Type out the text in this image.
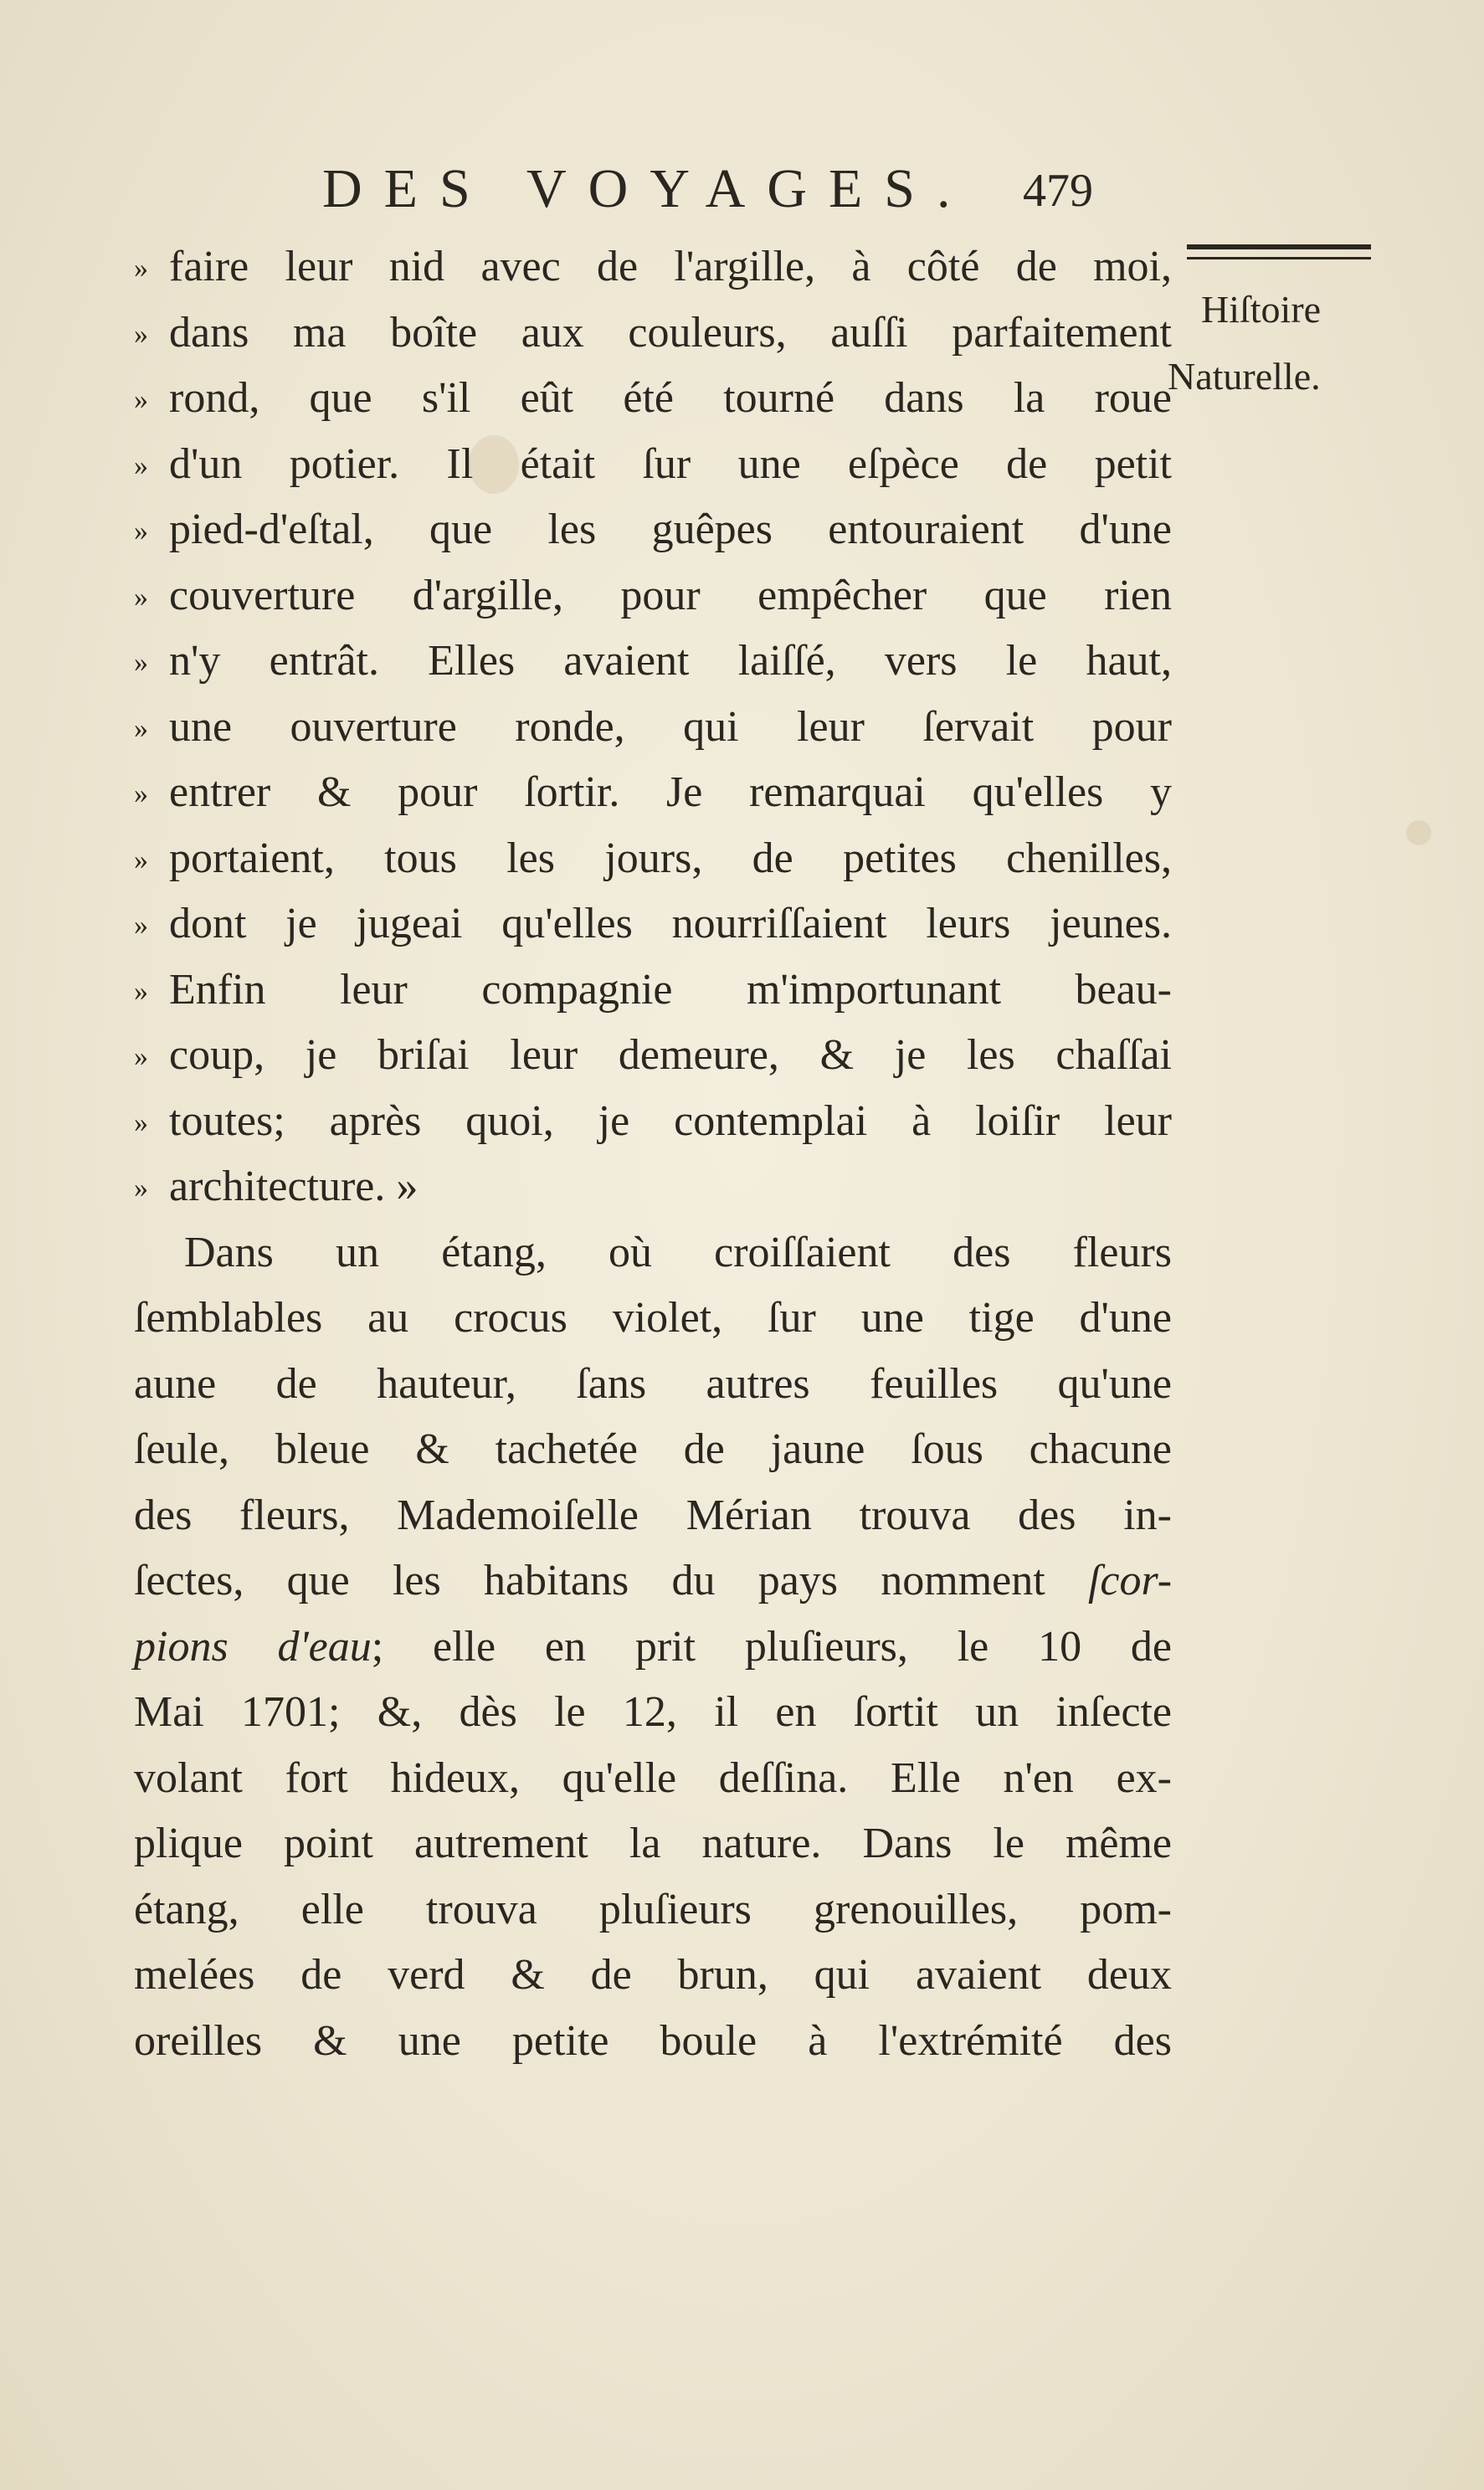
DES VOYAGES. 479
Hiſtoire
Naturelle.
» faire leur nid avec de l'argille, à côté de moi,
» dans ma boîte aux couleurs, auſſi parfaitement
» rond, que s'il eût été tourné dans la roue
» d'un potier. Il était ſur une eſpèce de petit
» pied-d'eſtal, que les guêpes entouraient d'une
» couverture d'argille, pour empêcher que rien
» n'y entrât. Elles avaient laiſſé, vers le haut,
» une ouverture ronde, qui leur ſervait pour
» entrer & pour ſortir. Je remarquai qu'elles y
» portaient, tous les jours, de petites chenilles,
» dont je jugeai qu'elles nourriſſaient leurs jeunes.
» Enfin leur compagnie m'importunant beau-
» coup, je briſai leur demeure, & je les chaſſai
» toutes; après quoi, je contemplai à loiſir leur
» architecture. »
Dans un étang, où croiſſaient des fleurs
ſemblables au crocus violet, ſur une tige d'une
aune de hauteur, ſans autres feuilles qu'une
ſeule, bleue & tachetée de jaune ſous chacune
des fleurs, Mademoiſelle Mérian trouva des in-
ſectes, que les habitans du pays nomment ſcor-
pions d'eau; elle en prit pluſieurs, le 10 de
Mai 1701; &, dès le 12, il en ſortit un inſecte
volant fort hideux, qu'elle deſſina. Elle n'en ex-
plique point autrement la nature. Dans le même
étang, elle trouva pluſieurs grenouilles, pom-
melées de verd & de brun, qui avaient deux
oreilles & une petite boule à l'extrémité des
